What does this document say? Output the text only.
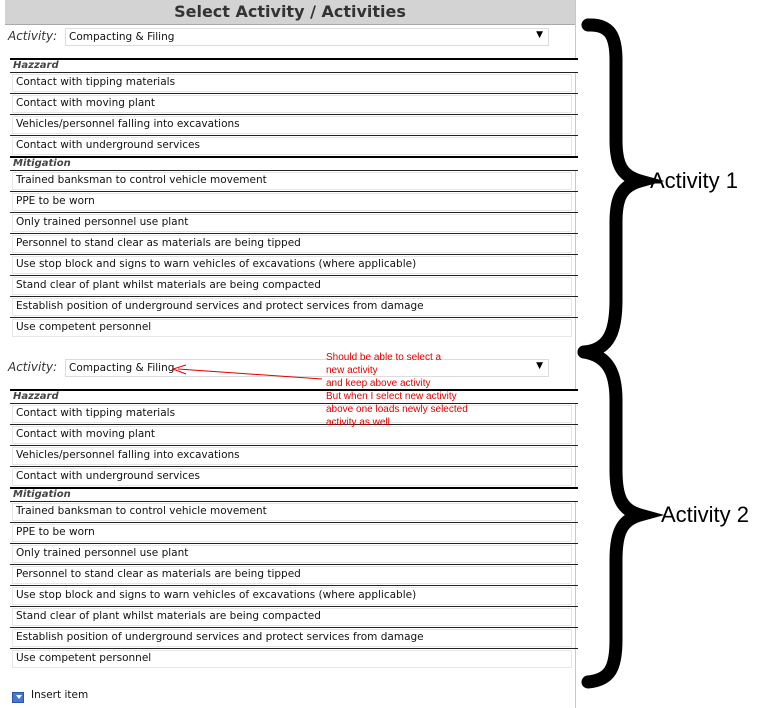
Select Activity / Activities
Activity: Compacting & Filing	▼
Hazzard
Contact with tipping materials
Contact with moving plant
Vehicles/personnel falling into excavations
Contact with underground services
Mitigation
Trained banksman to control vehicle movement
PPE to be worn
Only trained personnel use plant
Personnel to stand clear as materials are being tipped
Use stop block and signs to warn vehicles of excavations (where applicable)
Stand clear of plant whilst materials are being compacted
Establish position of underground services and protect services from damage
Use competent personnel
Activity: Compacting & Filing	▼
Hazzard
Contact with tipping materials
Contact with moving plant
Vehicles/personnel falling into excavations
Contact with underground services
Mitigation
Trained banksman to control vehicle movement
PPE to be worn
Only trained personnel use plant
Personnel to stand clear as materials are being tipped
Use stop block and signs to warn vehicles of excavations (where applicable)
Stand clear of plant whilst materials are being compacted
Establish position of underground services and protect services from damage
Use competent personnel
Insert item
Should be able to select a
new activity
and keep above activity
But when I select new activity
above one loads newly selected
activity as well
Activity 1
Activity 2
